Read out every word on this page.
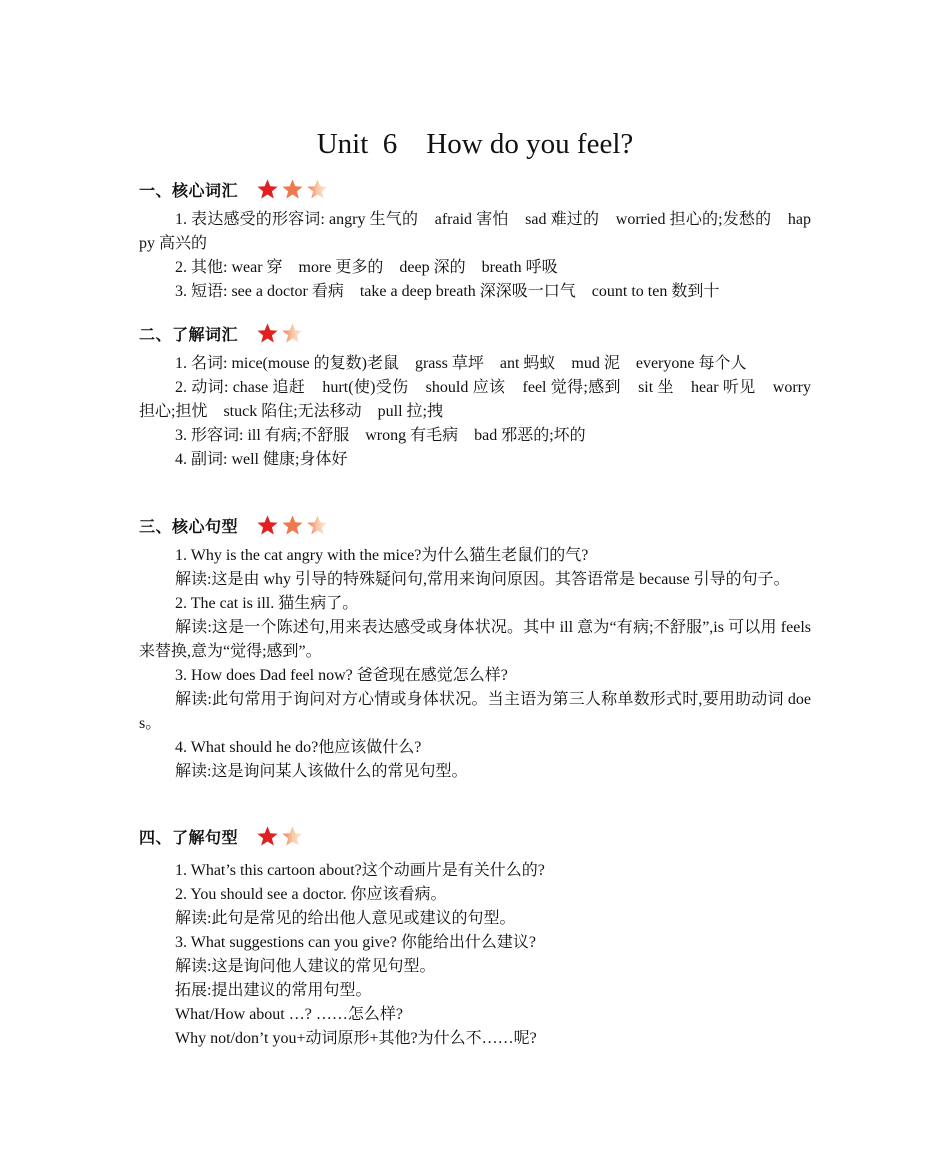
Unit  6    How do you feel?
一、核心词汇

1. 表达感受的形容词: angry 生气的    afraid 害怕    sad 难过的    worried 担心的;发愁的    happy 高兴的

2. 其他: wear 穿    more 更多的    deep 深的    breath 呼吸

3. 短语: see a doctor 看病    take a deep breath 深深吸一口气    count to ten 数到十

二、了解词汇

1. 名词: mice(mouse 的复数)老鼠    grass 草坪    ant 蚂蚁    mud 泥    everyone 每个人

2. 动词: chase 追赶    hurt(使)受伤    should 应该    feel 觉得;感到    sit 坐    hear 听见    worry 担心;担忧    stuck 陷住;无法移动    pull 拉;拽

3. 形容词: ill 有病;不舒服    wrong 有毛病    bad 邪恶的;坏的

4. 副词: well 健康;身体好

三、核心句型

1. Why is the cat angry with the mice?为什么猫生老鼠们的气?

解读:这是由 why 引导的特殊疑问句,常用来询问原因。其答语常是 because 引导的句子。

2. The cat is ill. 猫生病了。

解读:这是一个陈述句,用来表达感受或身体状况。其中 ill 意为“有病;不舒服”,is 可以用 feels 来替换,意为“觉得;感到”。

3. How does Dad feel now? 爸爸现在感觉怎么样?

解读:此句常用于询问对方心情或身体状况。当主语为第三人称单数形式时,要用助动词 does。

4. What should he do?他应该做什么?

解读:这是询问某人该做什么的常见句型。

四、了解句型

1. What’s this cartoon about?这个动画片是有关什么的?

2. You should see a doctor. 你应该看病。

解读:此句是常见的给出他人意见或建议的句型。

3. What suggestions can you give? 你能给出什么建议?

解读:这是询问他人建议的常见句型。

拓展:提出建议的常用句型。

What/How about …? ……怎么样?

Why not/don’t you+动词原形+其他?为什么不……呢?
